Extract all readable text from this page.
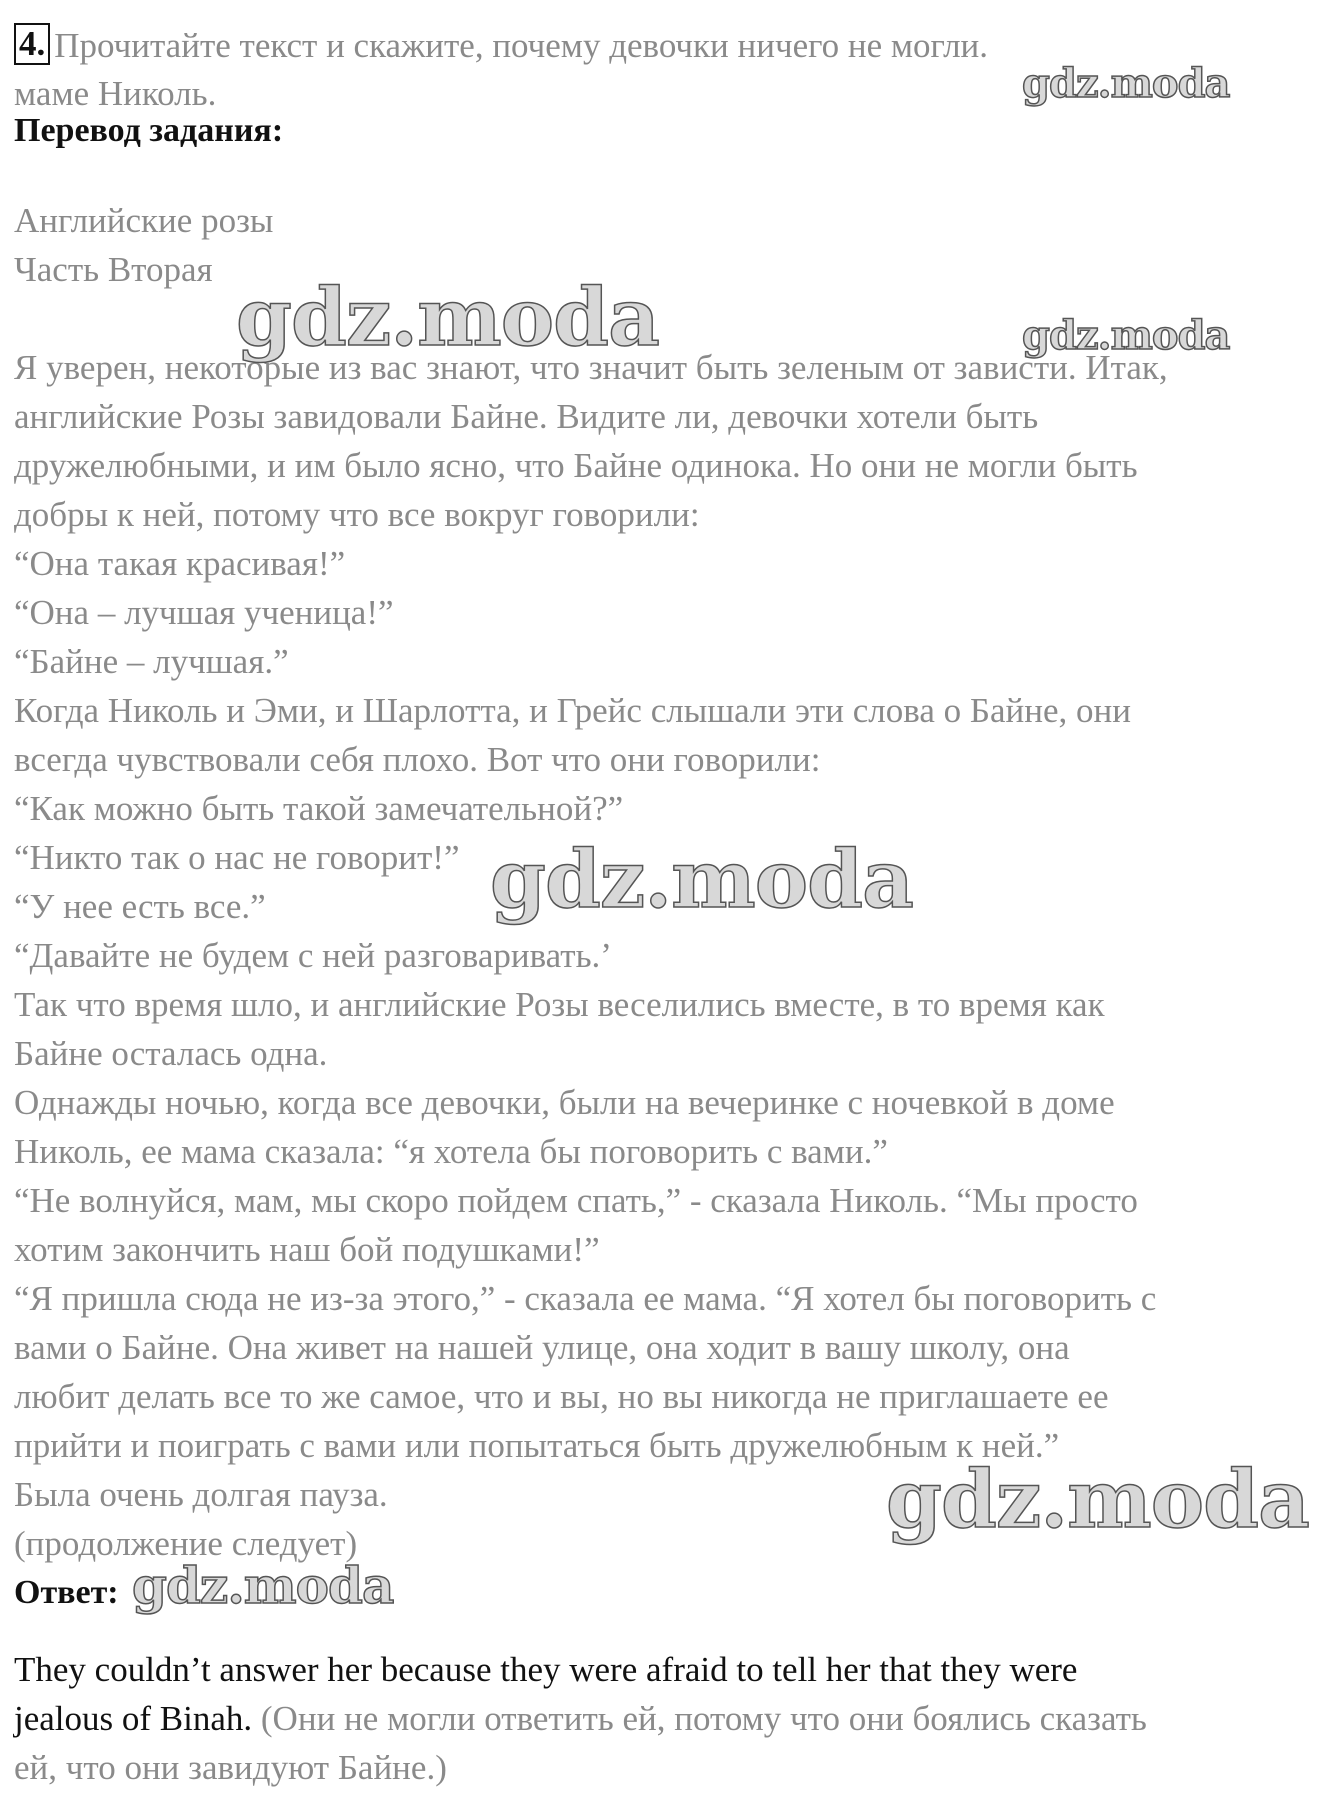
4. Прочитайте текст и скажите, почему девочки ничего не могли.
маме Николь.
Перевод задания:
Английские розы
Часть Вторая
Я уверен, некоторые из вас знают, что значит быть зеленым от зависти. Итак,
английские Розы завидовали Байне. Видите ли, девочки хотели быть
дружелюбными, и им было ясно, что Байне одинока. Но они не могли быть
добры к ней, потому что все вокруг говорили:
“Она такая красивая!”
“Она – лучшая ученица!”
“Байне – лучшая.”
Когда Николь и Эми, и Шарлотта, и Грейс слышали эти слова о Байне, они
всегда чувствовали себя плохо. Вот что они говорили:
“Как можно быть такой замечательной?”
“Никто так о нас не говорит!”
“У нее есть все.”
“Давайте не будем с ней разговаривать.’
Так что время шло, и английские Розы веселились вместе, в то время как
Байне осталась одна.
Однажды ночью, когда все девочки, были на вечеринке с ночевкой в доме
Николь, ее мама сказала: “я хотела бы поговорить с вами.”
“Не волнуйся, мам, мы скоро пойдем спать,” - сказала Николь. “Мы просто
хотим закончить наш бой подушками!”
“Я пришла сюда не из-за этого,” - сказала ее мама. “Я хотел бы поговорить с
вами о Байне. Она живет на нашей улице, она ходит в вашу школу, она
любит делать все то же самое, что и вы, но вы никогда не приглашаете ее
прийти и поиграть с вами или попытаться быть дружелюбным к ней.”
Была очень долгая пауза.
(продолжение следует)
Ответ:
They couldn’t answer her because they were afraid to tell her that they were
jealous of Binah. (Они не могли ответить ей, потому что они боялись сказать
ей, что они завидуют Байне.)
gdz.moda
gdz.moda	gdz.moda
gdz.moda
gdz.moda
gdz.moda
